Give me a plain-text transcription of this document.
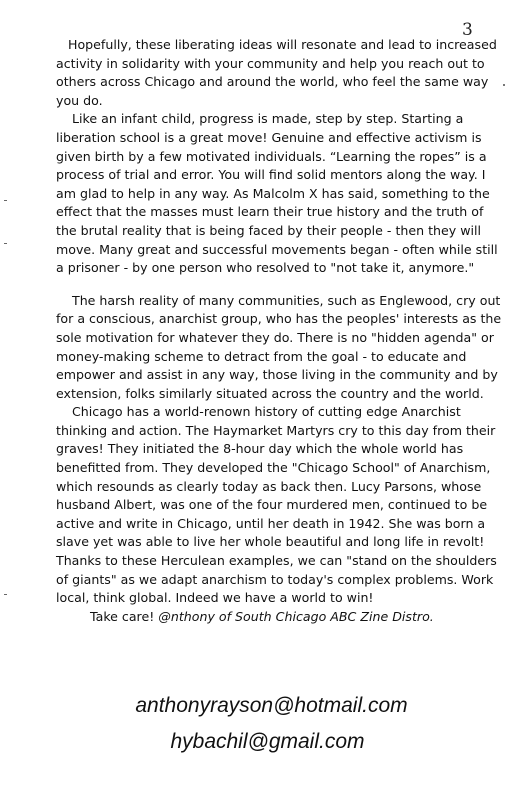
3

Hopefully, these liberating ideas will resonate and lead to increased activity in solidarity with your community and help you reach out to others across Chicago and around the world, who feel the same way you do.

Like an infant child, progress is made, step by step. Starting a liberation school is a great move! Genuine and effective activism is given birth by a few motivated individuals. “Learning the ropes” is a process of trial and error. You will find solid mentors along the way. I am glad to help in any way. As Malcolm X has said, something to the effect that the masses must learn their true history and the truth of the brutal reality that is being faced by their people - then they will move. Many great and successful movements began - often while still a prisoner - by one person who resolved to "not take it, anymore."

The harsh reality of many communities, such as Englewood, cry out for a conscious, anarchist group, who has the peoples' interests as the sole motivation for whatever they do. There is no "hidden agenda" or money-making scheme to detract from the goal - to educate and empower and assist in any way, those living in the community and by extension, folks similarly situated across the country and the world.

Chicago has a world-renown history of cutting edge Anarchist thinking and action. The Haymarket Martyrs cry to this day from their graves! They initiated the 8-hour day which the whole world has benefitted from. They developed the "Chicago School" of Anarchism, which resounds as clearly today as back then. Lucy Parsons, whose husband Albert, was one of the four murdered men, continued to be active and write in Chicago, until her death in 1942. She was born a slave yet was able to live her whole beautiful and long life in revolt! Thanks to these Herculean examples, we can "stand on the shoulders of giants" as we adapt anarchism to today's complex problems. Work local, think global. Indeed we have a world to win!

Take care! @nthony of South Chicago ABC Zine Distro.

anthonyrayson@hotmail.com
hybachil@gmail.com
